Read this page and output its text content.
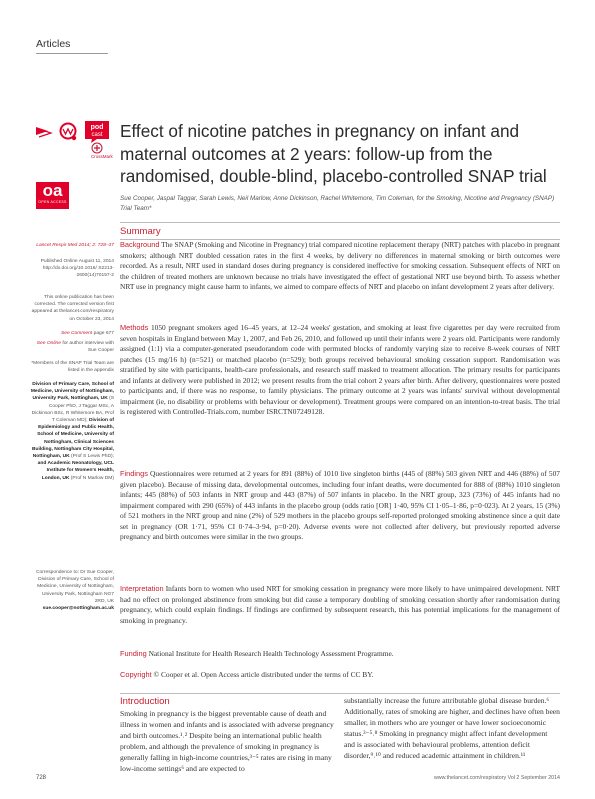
Articles
pod
cast
CrossMark
oa
OPEN ACCESS
Effect of nicotine patches in pregnancy on infant and maternal outcomes at 2 years: follow-up from the randomised, double-blind, placebo-controlled SNAP trial
Sue Cooper, Jaspal Taggar, Sarah Lewis, Neil Marlow, Anne Dickinson, Rachel Whitemore, Tim Coleman, for the Smoking, Nicotine and Pregnancy (SNAP) Trial Team*
Summary
Lancet Respir Med 2014; 2: 728–37
Published Online August 11, 2014 http://dx.doi.org/10.1016/ S2213-2600(14)70157-2
This online publication has been corrected. The corrected version first appeared at thelancet.com/respiratory on October 23, 2014
See Comment page 677
See Online for author interview with Sue Cooper
*Members of the SNAP Trial Team are listed in the appendix
Division of Primary Care, School of Medicine, University of Nottingham, University Park, Nottingham, UK (S Cooper PhD, J Taggar MSc, A Dickinson BSc, R Whitemore BA, Prof T Coleman MD); Division of Epidemiology and Public Health, School of Medicine, University of Nottingham, Clinical Sciences Building, Nottingham City Hospital, Nottingham, UK (Prof S Lewis PhD); and Academic Neonatology, UCL Institute for Women's Health, London, UK (Prof N Marlow DM)
Correspondence to: Dr Sue Cooper, Division of Primary Care, School of Medicine, University of Nottingham, University Park, Nottingham NG7 2RD, UK
sue.cooper@nottingham.ac.uk
Background The SNAP (Smoking and Nicotine in Pregnancy) trial compared nicotine replacement therapy (NRT) patches with placebo in pregnant smokers; although NRT doubled cessation rates in the first 4 weeks, by delivery no differences in maternal smoking or birth outcomes were recorded. As a result, NRT used in standard doses during pregnancy is considered ineffective for smoking cessation. Subsequent effects of NRT on the children of treated mothers are unknown because no trials have investigated the effect of gestational NRT use beyond birth. To assess whether NRT use in pregnancy might cause harm to infants, we aimed to compare effects of NRT and placebo on infant development 2 years after delivery.
Methods 1050 pregnant smokers aged 16–45 years, at 12–24 weeks' gestation, and smoking at least five cigarettes per day were recruited from seven hospitals in England between May 1, 2007, and Feb 26, 2010, and followed up until their infants were 2 years old. Participants were randomly assigned (1:1) via a computer-generated pseudorandom code with permuted blocks of randomly varying size to receive 8-week courses of NRT patches (15 mg/16 h) (n=521) or matched placebo (n=529); both groups received behavioural smoking cessation support. Randomisation was stratified by site with participants, health-care professionals, and research staff masked to treatment allocation. The primary results for participants and infants at delivery were published in 2012; we present results from the trial cohort 2 years after birth. After delivery, questionnaires were posted to participants and, if there was no response, to family physicians. The primary outcome at 2 years was infants' survival without developmental impairment (ie, no disability or problems with behaviour or development). Treatment groups were compared on an intention-to-treat basis. The trial is registered with Controlled-Trials.com, number ISRCTN07249128.
Findings Questionnaires were returned at 2 years for 891 (88%) of 1010 live singleton births (445 of (88%) 503 given NRT and 446 (88%) of 507 given placebo). Because of missing data, developmental outcomes, including four infant deaths, were documented for 888 of (88%) 1010 singleton infants; 445 (88%) of 503 infants in NRT group and 443 (87%) of 507 infants in placebo. In the NRT group, 323 (73%) of 445 infants had no impairment compared with 290 (65%) of 443 infants in the placebo group (odds ratio [OR] 1·40, 95% CI 1·05–1·86, p=0·023). At 2 years, 15 (3%) of 521 mothers in the NRT group and nine (2%) of 529 mothers in the placebo groups self-reported prolonged smoking abstinence since a quit date set in pregnancy (OR 1·71, 95% CI 0·74–3·94, p=0·20). Adverse events were not collected after delivery, but previously reported adverse pregnancy and birth outcomes were similar in the two groups.
Interpretation Infants born to women who used NRT for smoking cessation in pregnancy were more likely to have unimpaired development. NRT had no effect on prolonged abstinence from smoking but did cause a temporary doubling of smoking cessation shortly after randomisation during pregnancy, which could explain findings. If findings are confirmed by subsequent research, this has potential implications for the management of smoking in pregnancy.
Funding National Institute for Health Research Health Technology Assessment Programme.
Copyright © Cooper et al. Open Access article distributed under the terms of CC BY.
Introduction
Smoking in pregnancy is the biggest preventable cause of death and illness in women and infants and is associated with adverse pregnancy and birth outcomes.¹˒² Despite being an international public health problem, and although the prevalence of smoking in pregnancy is generally falling in high-income countries,³⁻⁵ rates are rising in many low-income settings⁶ and are expected to
substantially increase the future attributable global disease burden.⁶ Additionally, rates of smoking are higher, and declines have often been smaller, in mothers who are younger or have lower socioeconomic status.³⁻⁵˒⁸ Smoking in pregnancy might affect infant development and is associated with behavioural problems, attention deficit disorder,⁹˒¹⁰ and reduced academic attainment in children.¹¹
728	www.thelancet.com/respiratory Vol 2 September 2014
